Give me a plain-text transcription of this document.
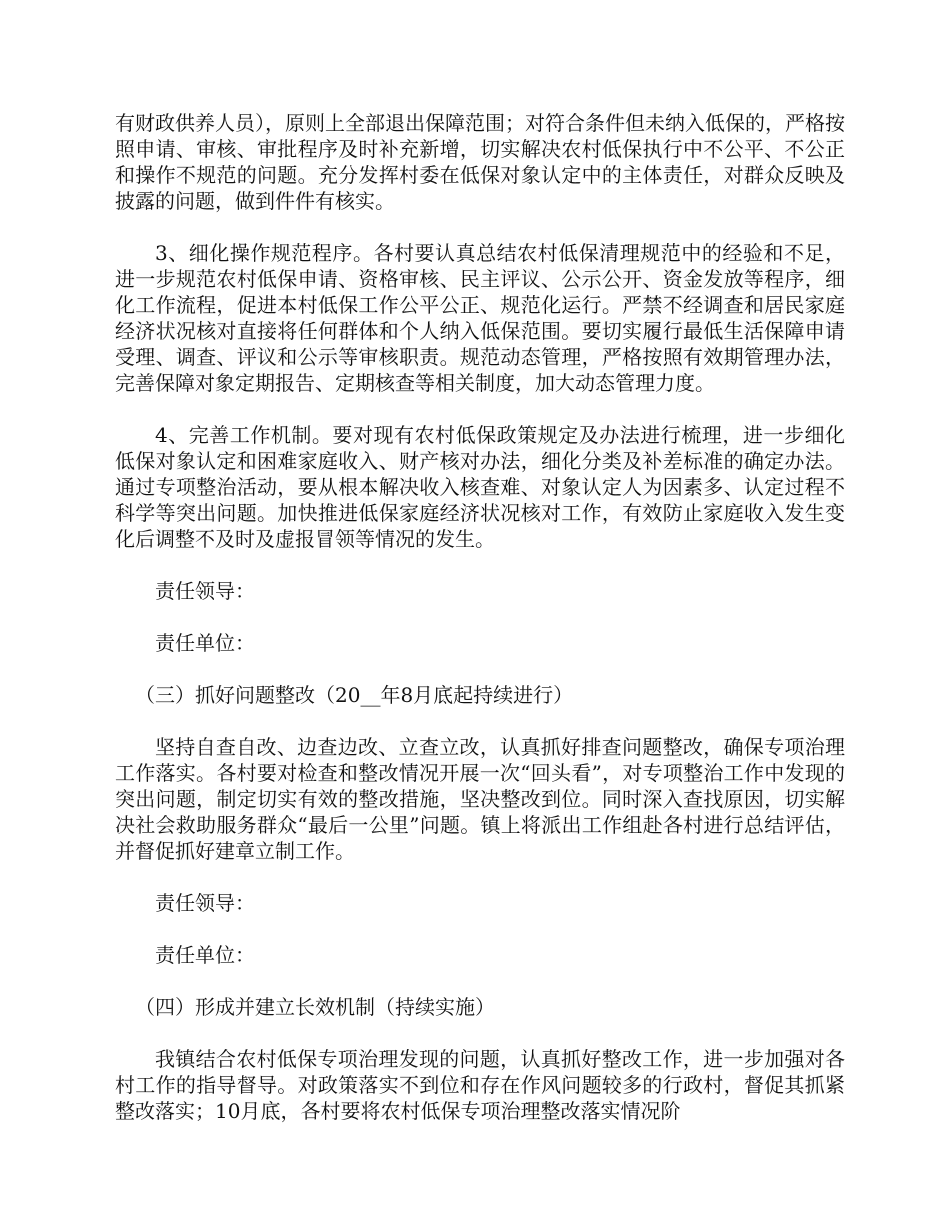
有财政供养人员），原则上全部退出保障范围；对符合条件但未纳入低保的，严格按照申请、审核、审批程序及时补充新增，切实解决农村低保执行中不公平、不公正和操作不规范的问题。充分发挥村委在低保对象认定中的主体责任，对群众反映及披露的问题，做到件件有核实。

3、细化操作规范程序。各村要认真总结农村低保清理规范中的经验和不足，进一步规范农村低保申请、资格审核、民主评议、公示公开、资金发放等程序，细化工作流程，促进本村低保工作公平公正、规范化运行。严禁不经调查和居民家庭经济状况核对直接将任何群体和个人纳入低保范围。要切实履行最低生活保障申请受理、调查、评议和公示等审核职责。规范动态管理，严格按照有效期管理办法，完善保障对象定期报告、定期核查等相关制度，加大动态管理力度。

4、完善工作机制。要对现有农村低保政策规定及办法进行梳理，进一步细化低保对象认定和困难家庭收入、财产核对办法，细化分类及补差标准的确定办法。通过专项整治活动，要从根本解决收入核查难、对象认定人为因素多、认定过程不科学等突出问题。加快推进低保家庭经济状况核对工作，有效防止家庭收入发生变化后调整不及时及虚报冒领等情况的发生。

责任领导：

责任单位：

（三）抓好问题整改（20__年8月底起持续进行）

坚持自查自改、边查边改、立查立改，认真抓好排查问题整改，确保专项治理工作落实。各村要对检查和整改情况开展一次“回头看”，对专项整治工作中发现的突出问题，制定切实有效的整改措施，坚决整改到位。同时深入查找原因，切实解决社会救助服务群众“最后一公里”问题。镇上将派出工作组赴各村进行总结评估，并督促抓好建章立制工作。

责任领导：

责任单位：

（四）形成并建立长效机制（持续实施）

我镇结合农村低保专项治理发现的问题，认真抓好整改工作，进一步加强对各村工作的指导督导。对政策落实不到位和存在作风问题较多的行政村，督促其抓紧整改落实；10月底，各村要将农村低保专项治理整改落实情况阶
